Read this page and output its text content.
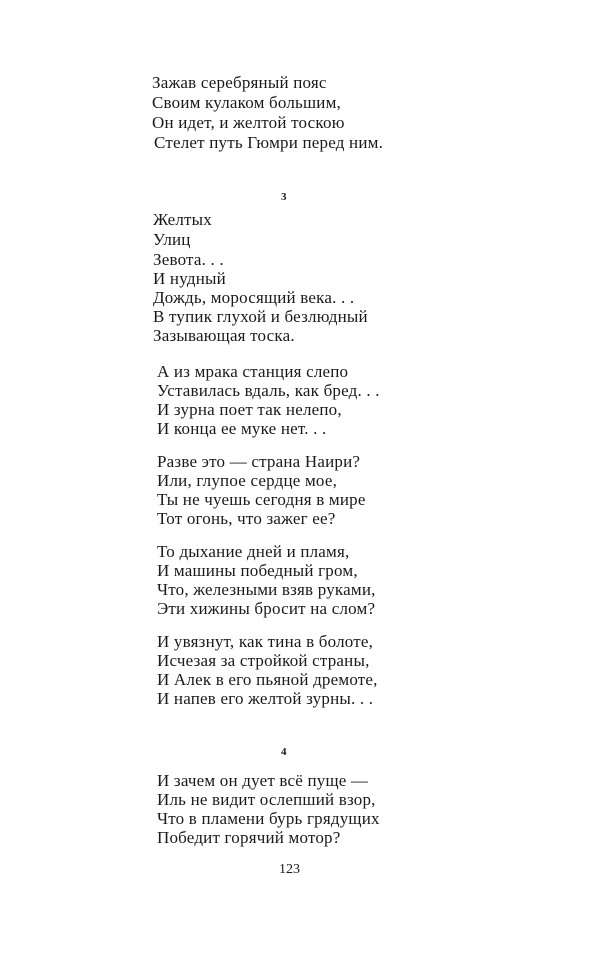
Зажав серебряный пояс
Своим кулаком большим,
Он идет, и желтой тоскою
Стелет путь Гюмри перед ним.
3
Желтых
Улиц
Зевота. . .
И нудный
Дождь, моросящий века. . .
В тупик глухой и безлюдный
Зазывающая тоска.
А из мрака станция слепо
Уставилась вдаль, как бред. . .
И зурна поет так нелепо,
И конца ее муке нет. . .
Разве это — страна Наири?
Или, глупое сердце мое,
Ты не чуешь сегодня в мире
Тот огонь, что зажег ее?
То дыхание дней и пламя,
И машины победный гром,
Что, железными взяв руками,
Эти хижины бросит на слом?
И увязнут, как тина в болоте,
Исчезая за стройкой страны,
И Алек в его пьяной дремоте,
И напев его желтой зурны. . .
4
И зачем он дует всё пуще —
Иль не видит ослепший взор,
Что в пламени бурь грядущих
Победит горячий мотор?
123
